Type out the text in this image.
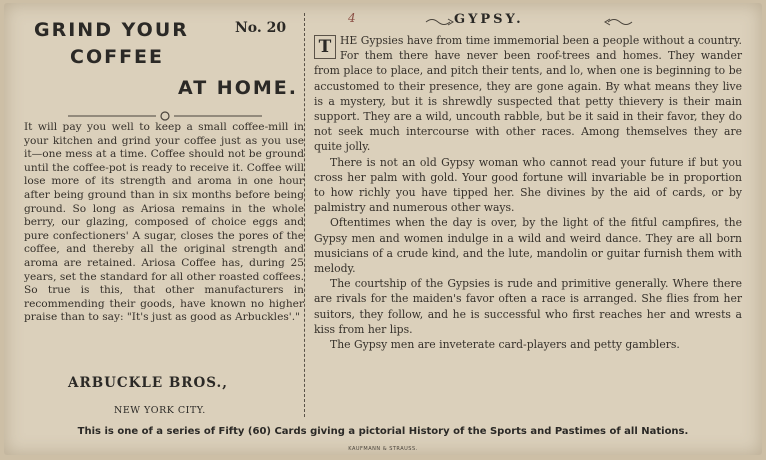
GRIND YOUR	No. 20
COFFEE
AT HOME.
It will pay you well to keep a small coffee-mill in your kitchen and grind your coffee just as you use it—one mess at a time. Coffee should not be ground until the coffee-pot is ready to receive it. Coffee will lose more of its strength and aroma in one hour after being ground than in six months before being ground. So long as Ariosa remains in the whole berry, our glazing, composed of choice eggs and pure confectioners' A sugar, closes the pores of the coffee, and thereby all the original strength and aroma are retained. Ariosa Coffee has, during 25 years, set the standard for all other roasted coffees. So true is this, that other manufacturers in recommending their goods, have known no higher praise than to say: "It's just as good as Arbuckles'."
ARBUCKLE BROS.,
NEW YORK CITY.
4	GYPSY.

T HE Gypsies have from time immemorial been a people without a country. For them there have never been roof-trees and homes. They wander from place to place, and pitch their tents, and lo, when one is beginning to be accustomed to their presence, they are gone again. By what means they live is a mystery, but it is shrewdly suspected that petty thievery is their main support. They are a wild, uncouth rabble, but be it said in their favor, they do not seek much intercourse with other races. Among themselves they are quite jolly.

There is not an old Gypsy woman who cannot read your future if but you cross her palm with gold. Your good fortune will invariable be in proportion to how richly you have tipped her. She divines by the aid of cards, or by palmistry and numerous other ways.

Oftentimes when the day is over, by the light of the fitful campfires, the Gypsy men and women indulge in a wild and weird dance. They are all born musicians of a crude kind, and the lute, mandolin or guitar furnish them with melody.

The courtship of the Gypsies is rude and primitive generally. Where there are rivals for the maiden's favor often a race is arranged. She flies from her suitors, they follow, and he is successful who first reaches her and wrests a kiss from her lips.

The Gypsy men are inveterate card-players and petty gamblers.

This is one of a series of Fifty (60) Cards giving a pictorial History of the Sports and Pastimes of all Nations.
KAUFMANN & STRAUSS.
